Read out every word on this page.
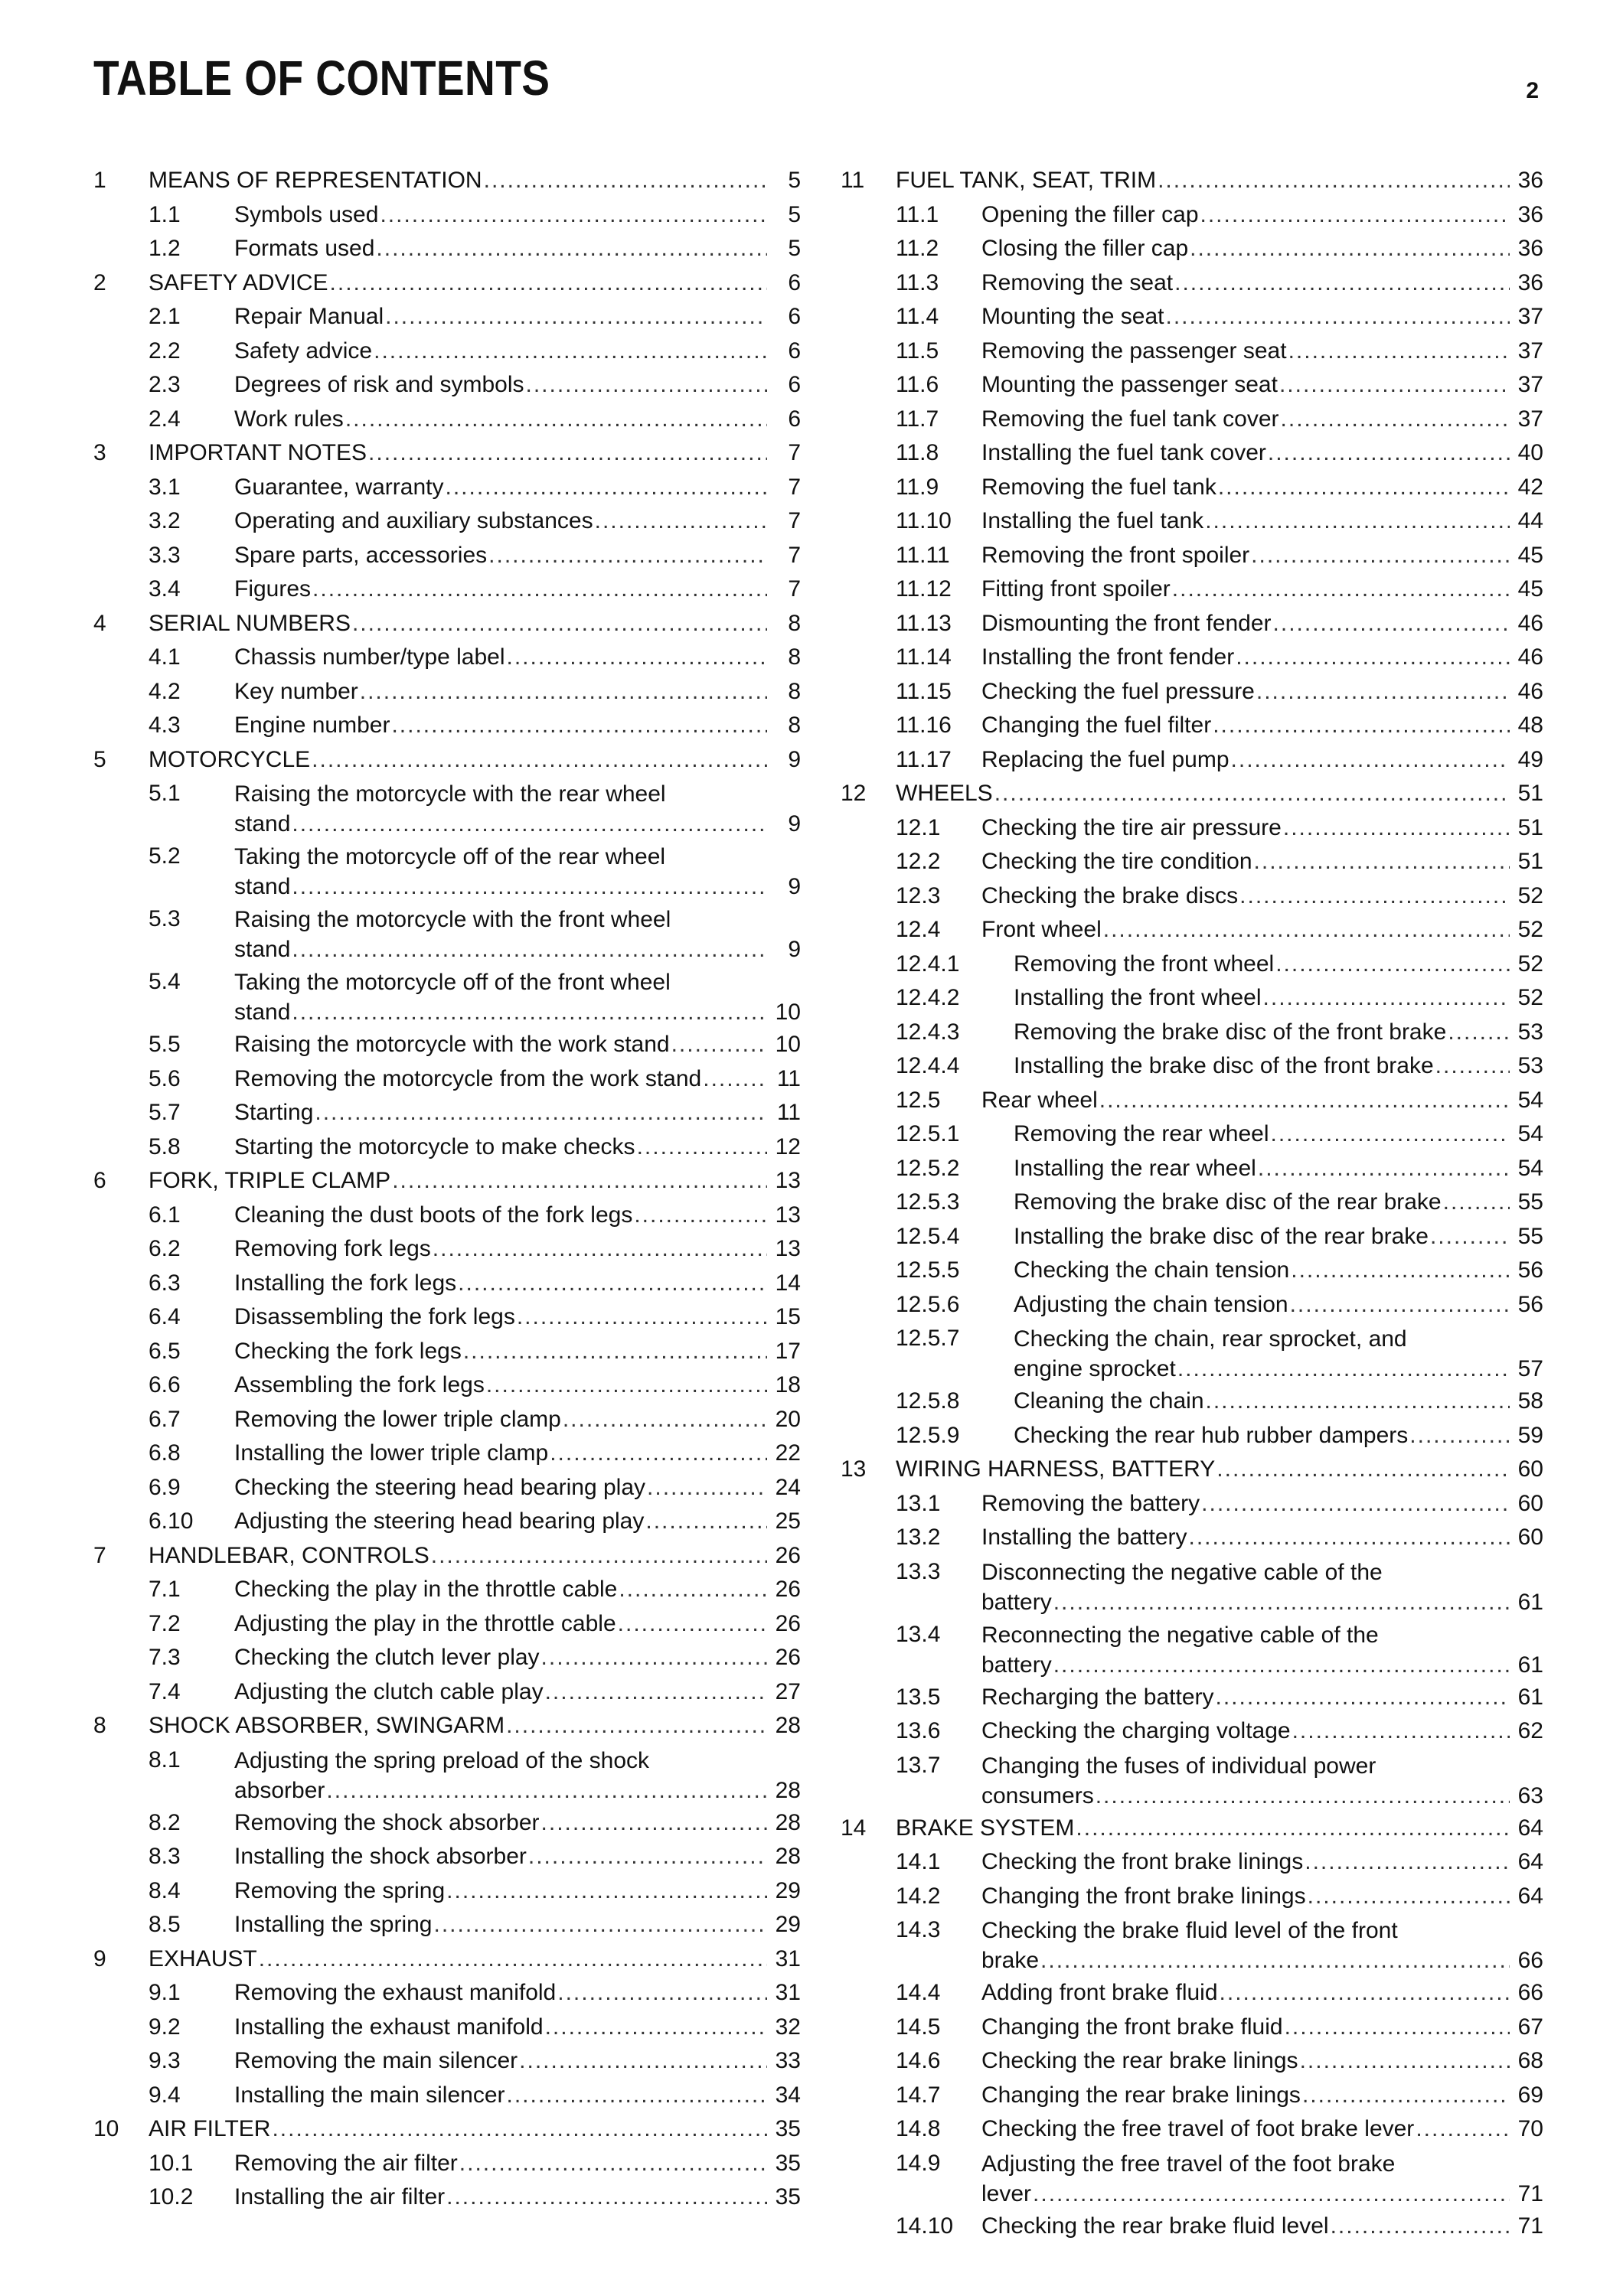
TABLE OF CONTENTS	2
1 MEANS OF REPRESENTATION .....	5
1.1 Symbols used .....	5
1.2 Formats used .....	5
2 SAFETY ADVICE .....	6
2.1 Repair Manual .....	6
2.2 Safety advice .....	6
2.3 Degrees of risk and symbols .....	6
2.4 Work rules .....	6
3 IMPORTANT NOTES .....	7
3.1 Guarantee, warranty .....	7
3.2 Operating and auxiliary substances .....	7
3.3 Spare parts, accessories .....	7
3.4 Figures .....	7
4 SERIAL NUMBERS .....	8
4.1 Chassis number/type label .....	8
4.2 Key number .....	8
4.3 Engine number .....	8
5 MOTORCYCLE .....	9
5.1 Raising the motorcycle with the rear wheel
stand .....	9
5.2 Taking the motorcycle off of the rear wheel
stand .....	9
5.3 Raising the motorcycle with the front wheel
stand .....	9
5.4 Taking the motorcycle off of the front wheel
stand .....	10
5.5 Raising the motorcycle with the work stand .....	10
5.6 Removing the motorcycle from the work stand .....	11
5.7 Starting .....	11
5.8 Starting the motorcycle to make checks .....	12
6 FORK, TRIPLE CLAMP .....	13
6.1 Cleaning the dust boots of the fork legs .....	13
6.2 Removing fork legs .....	13
6.3 Installing the fork legs .....	14
6.4 Disassembling the fork legs .....	15
6.5 Checking the fork legs .....	17
6.6 Assembling the fork legs .....	18
6.7 Removing the lower triple clamp .....	20
6.8 Installing the lower triple clamp .....	22
6.9 Checking the steering head bearing play .....	24
6.10 Adjusting the steering head bearing play .....	25
7 HANDLEBAR, CONTROLS .....	26
7.1 Checking the play in the throttle cable .....	26
7.2 Adjusting the play in the throttle cable .....	26
7.3 Checking the clutch lever play .....	26
7.4 Adjusting the clutch cable play .....	27
8 SHOCK ABSORBER, SWINGARM .....	28
8.1 Adjusting the spring preload of the shock
absorber .....	28
8.2 Removing the shock absorber .....	28
8.3 Installing the shock absorber .....	28
8.4 Removing the spring .....	29
8.5 Installing the spring .....	29
9 EXHAUST .....	31
9.1 Removing the exhaust manifold .....	31
9.2 Installing the exhaust manifold .....	32
9.3 Removing the main silencer .....	33
9.4 Installing the main silencer .....	34
10 AIR FILTER .....	35
10.1 Removing the air filter .....	35
10.2 Installing the air filter .....	35
11 FUEL TANK, SEAT, TRIM .....	36
11.1 Opening the filler cap .....	36
11.2 Closing the filler cap .....	36
11.3 Removing the seat .....	36
11.4 Mounting the seat .....	37
11.5 Removing the passenger seat .....	37
11.6 Mounting the passenger seat .....	37
11.7 Removing the fuel tank cover .....	37
11.8 Installing the fuel tank cover .....	40
11.9 Removing the fuel tank .....	42
11.10 Installing the fuel tank .....	44
11.11 Removing the front spoiler .....	45
11.12 Fitting front spoiler .....	45
11.13 Dismounting the front fender .....	46
11.14 Installing the front fender .....	46
11.15 Checking the fuel pressure .....	46
11.16 Changing the fuel filter .....	48
11.17 Replacing the fuel pump .....	49
12 WHEELS .....	51
12.1 Checking the tire air pressure .....	51
12.2 Checking the tire condition .....	51
12.3 Checking the brake discs .....	52
12.4 Front wheel .....	52
12.4.1 Removing the front wheel .....	52
12.4.2 Installing the front wheel .....	52
12.4.3 Removing the brake disc of the front brake .....	53
12.4.4 Installing the brake disc of the front brake .....	53
12.5 Rear wheel .....	54
12.5.1 Removing the rear wheel .....	54
12.5.2 Installing the rear wheel .....	54
12.5.3 Removing the brake disc of the rear brake .....	55
12.5.4 Installing the brake disc of the rear brake .....	55
12.5.5 Checking the chain tension .....	56
12.5.6 Adjusting the chain tension .....	56
12.5.7 Checking the chain, rear sprocket, and
engine sprocket .....	57
12.5.8 Cleaning the chain .....	58
12.5.9 Checking the rear hub rubber dampers .....	59
13 WIRING HARNESS, BATTERY .....	60
13.1 Removing the battery .....	60
13.2 Installing the battery .....	60
13.3 Disconnecting the negative cable of the
battery .....	61
13.4 Reconnecting the negative cable of the
battery .....	61
13.5 Recharging the battery .....	61
13.6 Checking the charging voltage .....	62
13.7 Changing the fuses of individual power
consumers .....	63
14 BRAKE SYSTEM .....	64
14.1 Checking the front brake linings .....	64
14.2 Changing the front brake linings .....	64
14.3 Checking the brake fluid level of the front
brake .....	66
14.4 Adding front brake fluid .....	66
14.5 Changing the front brake fluid .....	67
14.6 Checking the rear brake linings .....	68
14.7 Changing the rear brake linings .....	69
14.8 Checking the free travel of foot brake lever .....	70
14.9 Adjusting the free travel of the foot brake
lever .....	71
14.10 Checking the rear brake fluid level .....	71
